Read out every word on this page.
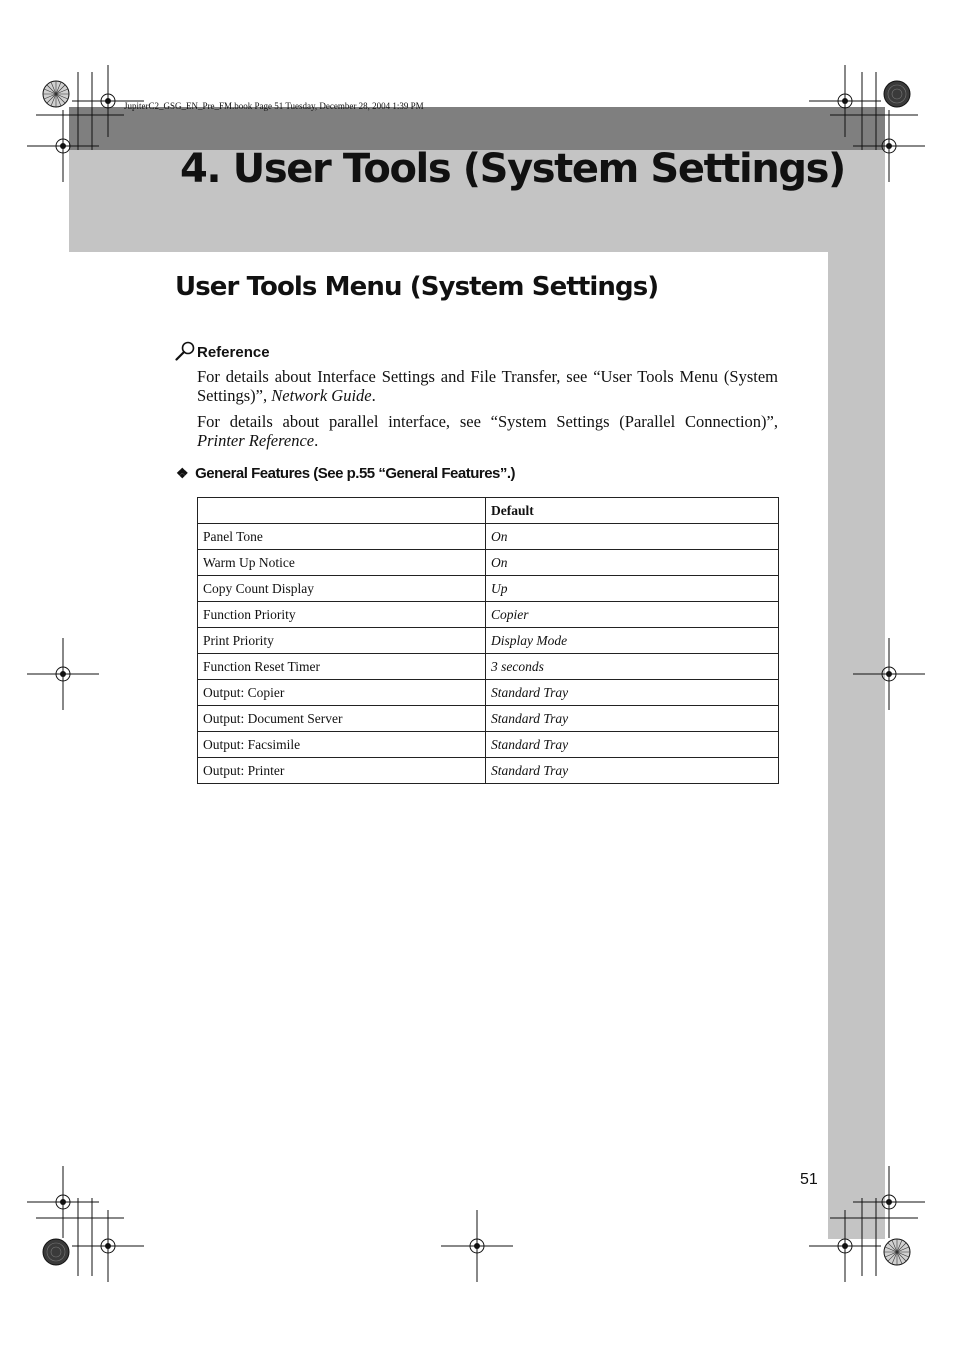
JupiterC2_GSG_EN_Pre_FM.book Page 51 Tuesday, December 28, 2004 1:39 PM
4. User Tools (System Settings)
User Tools Menu (System Settings)
Reference

For details about Interface Settings and File Transfer, see “User Tools Menu (System Settings)”, Network Guide.

For details about parallel interface, see “System Settings (Parallel Connection)”, Printer Reference.

❖ General Features (See p.55 “General Features”.)
	Default
Panel Tone	On
Warm Up Notice	On
Copy Count Display	Up
Function Priority	Copier
Print Priority	Display Mode
Function Reset Timer	3 seconds
Output: Copier	Standard Tray
Output: Document Server	Standard Tray
Output: Facsimile	Standard Tray
Output: Printer	Standard Tray
51
